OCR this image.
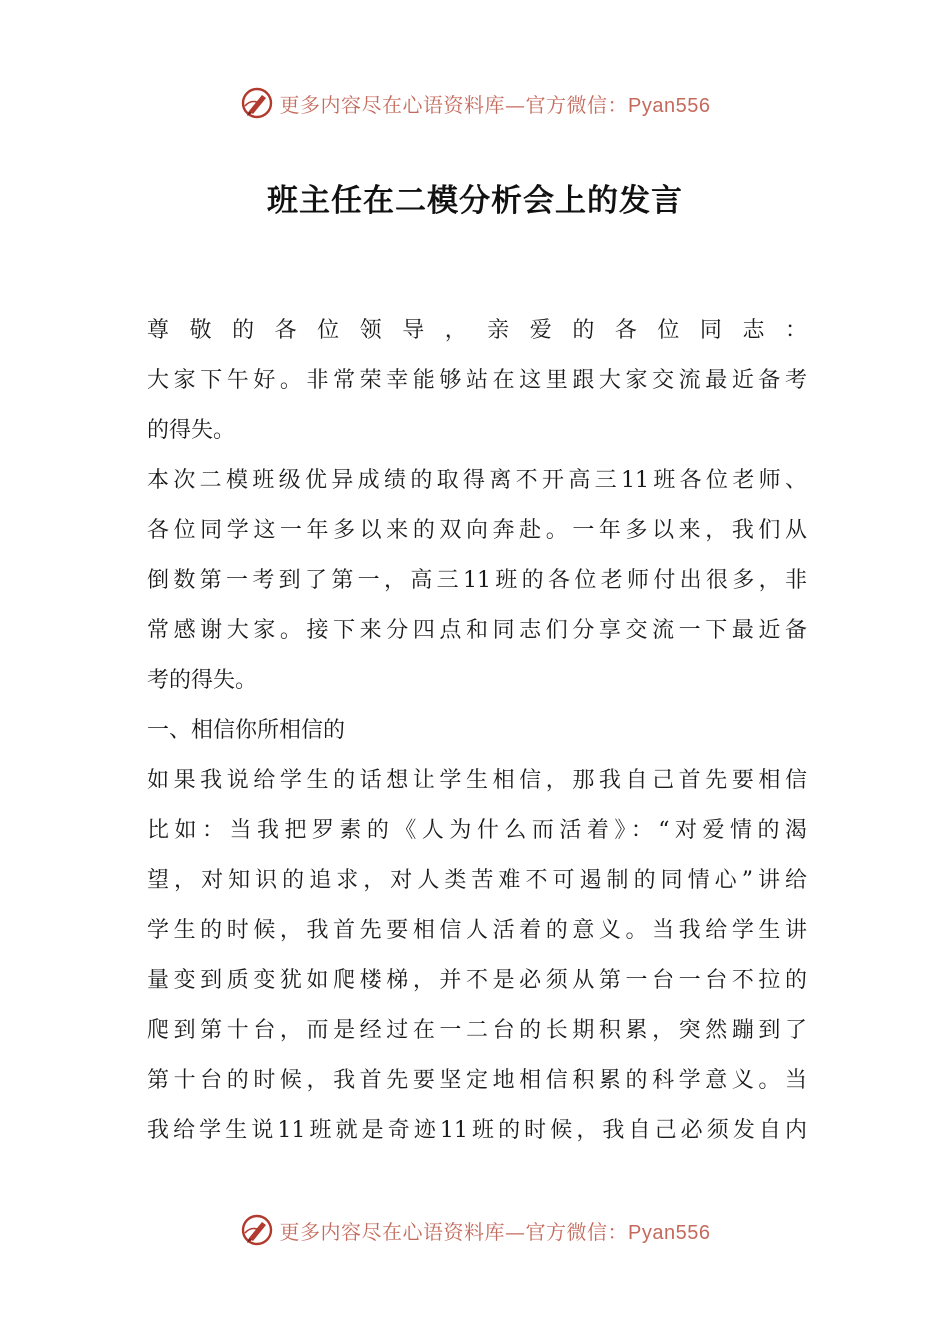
更多内容尽在心语资料库—官方微信：Pyan556
班主任在二模分析会上的发言
尊敬的各位领导，亲爱的各位同志：
大家下午好。非常荣幸能够站在这里跟大家交流最近备考
的得失。
本次二模班级优异成绩的取得离不开高三11班各位老师、
各位同学这一年多以来的双向奔赴。一年多以来，我们从
倒数第一考到了第一，高三11班的各位老师付出很多，非
常感谢大家。接下来分四点和同志们分享交流一下最近备
考的得失。
一、相信你所相信的
如果我说给学生的话想让学生相信，那我自己首先要相信
比如：当我把罗素的《人为什么而活着》：“对爱情的渴
望，对知识的追求，对人类苦难不可遏制的同情心”讲给
学生的时候，我首先要相信人活着的意义。当我给学生讲
量变到质变犹如爬楼梯，并不是必须从第一台一台不拉的
爬到第十台，而是经过在一二台的长期积累，突然蹦到了
第十台的时候，我首先要坚定地相信积累的科学意义。当
我给学生说11班就是奇迹11班的时候，我自己必须发自内
更多内容尽在心语资料库—官方微信：Pyan556
